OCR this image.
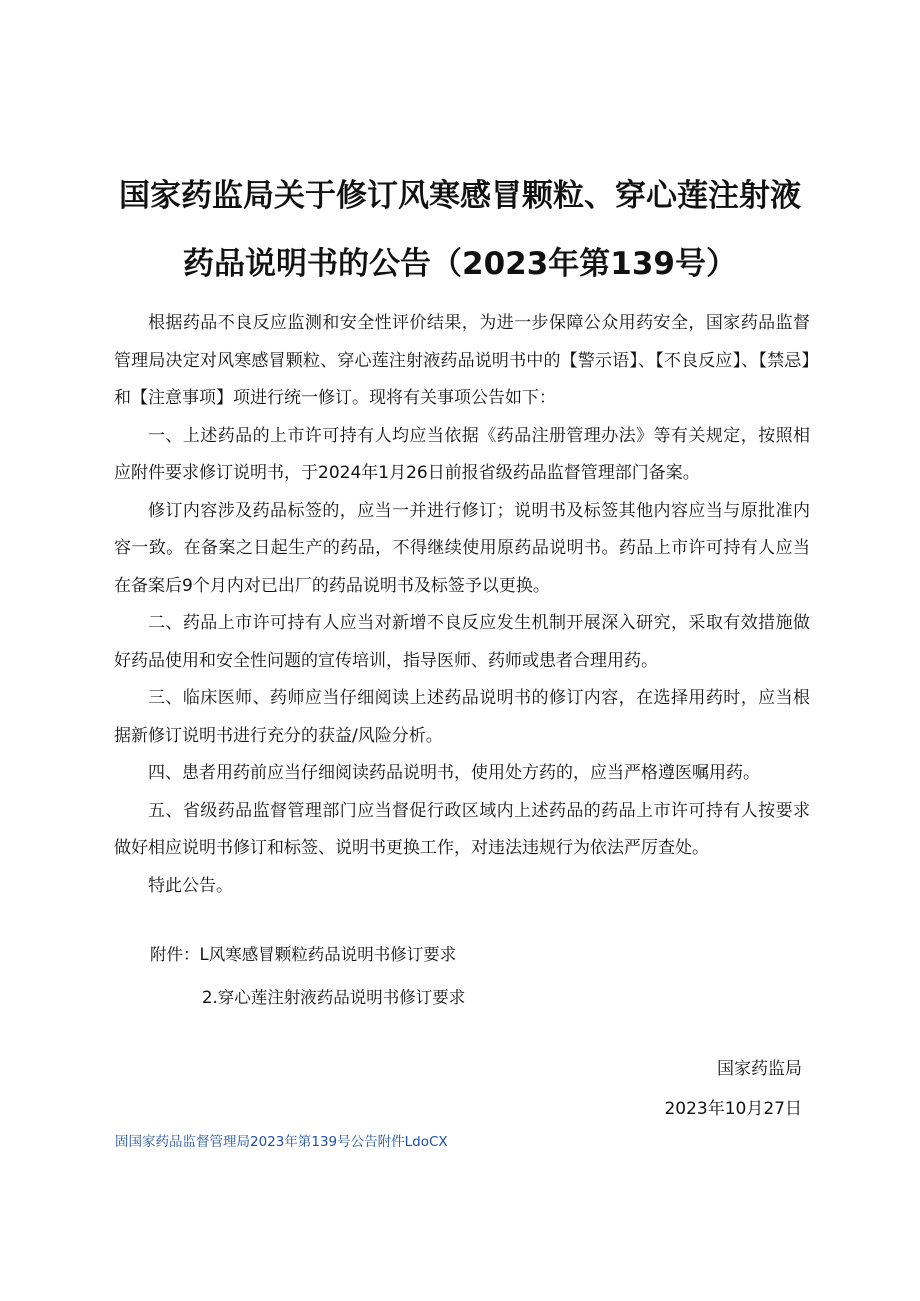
国家药监局关于修订风寒感冒颗粒、穿心莲注射液
药品说明书的公告（2023年第139号）

根据药品不良反应监测和安全性评价结果，为进一步保障公众用药安全，国家药品监督管理局决定对风寒感冒颗粒、穿心莲注射液药品说明书中的【警示语】、【不良反应】、【禁忌】和【注意事项】项进行统一修订。现将有关事项公告如下：

一、上述药品的上市许可持有人均应当依据《药品注册管理办法》等有关规定，按照相应附件要求修订说明书，于2024年1月26日前报省级药品监督管理部门备案。

修订内容涉及药品标签的，应当一并进行修订；说明书及标签其他内容应当与原批准内容一致。在备案之日起生产的药品，不得继续使用原药品说明书。药品上市许可持有人应当在备案后9个月内对已出厂的药品说明书及标签予以更换。

二、药品上市许可持有人应当对新增不良反应发生机制开展深入研究，采取有效措施做好药品使用和安全性问题的宣传培训，指导医师、药师或患者合理用药。

三、临床医师、药师应当仔细阅读上述药品说明书的修订内容，在选择用药时，应当根据新修订说明书进行充分的获益/风险分析。

四、患者用药前应当仔细阅读药品说明书，使用处方药的，应当严格遵医嘱用药。

五、省级药品监督管理部门应当督促行政区域内上述药品的药品上市许可持有人按要求做好相应说明书修订和标签、说明书更换工作，对违法违规行为依法严厉查处。

特此公告。

附件：L风寒感冒颗粒药品说明书修订要求
2.穿心莲注射液药品说明书修订要求
国家药监局
2023年10月27日
固国家药品监督管理局2023年第139号公告附件LdoCX
